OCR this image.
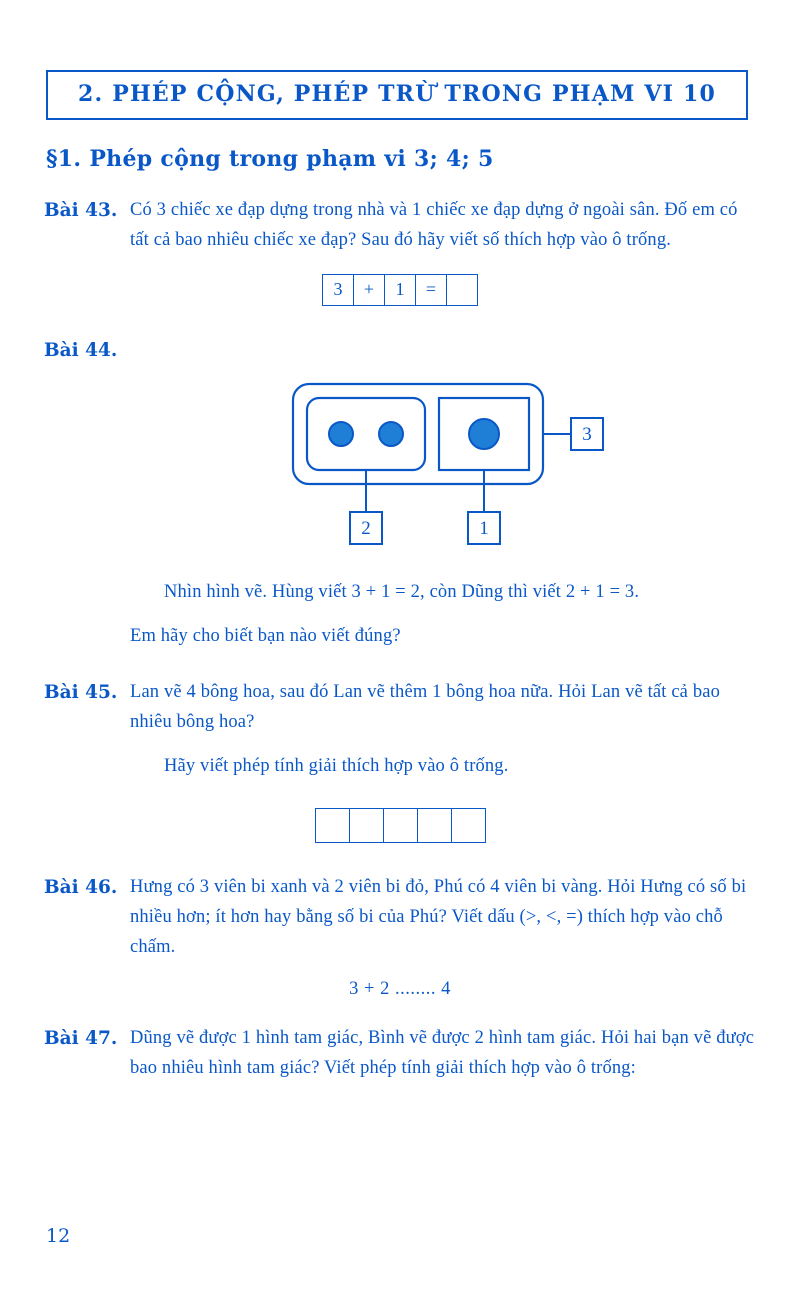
2. PHÉP CỘNG, PHÉP TRỪ TRONG PHẠM VI 10
§1. Phép cộng trong phạm vi 3; 4; 5
Bài 43. Có 3 chiếc xe đạp dựng trong nhà và 1 chiếc xe đạp dựng ở ngoài sân. Đố em có tất cả bao nhiêu chiếc xe đạp? Sau đó hãy viết số thích hợp vào ô trống.

3	+	1	=
Bài 44.
3
2	1

Nhìn hình vẽ. Hùng viết 3 + 1 = 2, còn Dũng thì viết 2 + 1 = 3.

Em hãy cho biết bạn nào viết đúng?

Bài 45. Lan vẽ 4 bông hoa, sau đó Lan vẽ thêm 1 bông hoa nữa. Hỏi Lan vẽ tất cả bao nhiêu bông hoa?

Hãy viết phép tính giải thích hợp vào ô trống.

Bài 46. Hưng có 3 viên bi xanh và 2 viên bi đỏ, Phú có 4 viên bi vàng. Hỏi Hưng có số bi nhiều hơn; ít hơn hay bằng số bi của Phú? Viết dấu (>, <, =) thích hợp vào chỗ chấm.

3 + 2 ........ 4
Bài 47. Dũng vẽ được 1 hình tam giác, Bình vẽ được 2 hình tam giác. Hỏi hai bạn vẽ được bao nhiêu hình tam giác? Viết phép tính giải thích hợp vào ô trống:

12
